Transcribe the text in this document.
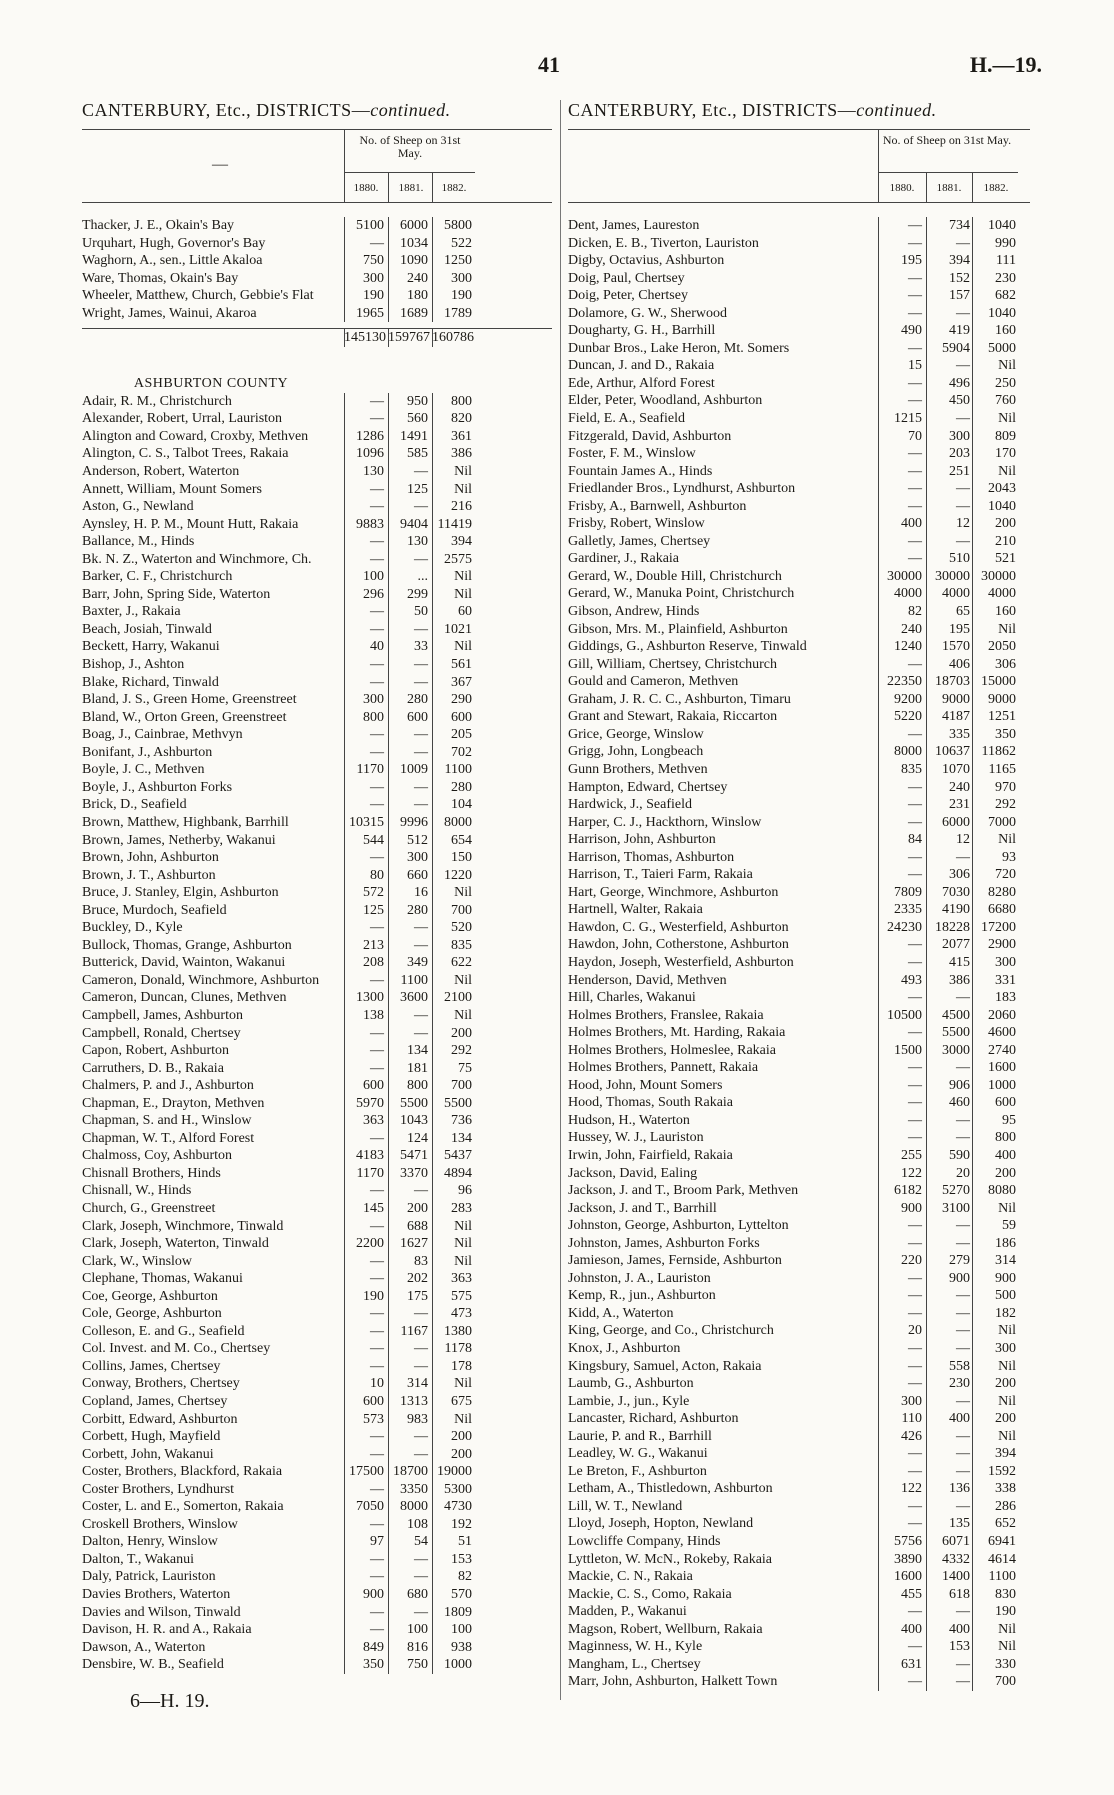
41	H.—19.
CANTERBURY, Etc., DISTRICTS—continued.
—
No. of Sheep on 31st May.
1880.	1881.	1882.
Thacker, J. E., Okain's Bay	5100	6000	5800
Urquhart, Hugh, Governor's Bay	—	1034	522
Waghorn, A., sen., Little Akaloa	750	1090	1250
Ware, Thomas, Okain's Bay	300	240	300
Wheeler, Matthew, Church, Gebbie's Flat	190	180	190
Wright, James, Wainui, Akaroa	1965	1689	1789
145130 159767 160786
ASHBURTON COUNTY
Adair, R. M., Christchurch	—	950	800
Alexander, Robert, Urral, Lauriston	—	560	820
Alington and Coward, Croxby, Methven	1286	1491	361
Alington, C. S., Talbot Trees, Rakaia	1096	585	386
Anderson, Robert, Waterton	130	—	Nil
Annett, William, Mount Somers	—	125	Nil
Aston, G., Newland	—	—	216
Aynsley, H. P. M., Mount Hutt, Rakaia	9883	9404 11419
Ballance, M., Hinds	—	130	394
Bk. N. Z., Waterton and Winchmore, Ch.	—	—	2575
Barker, C. F., Christchurch	100	...	Nil
Barr, John, Spring Side, Waterton	296	299	Nil
Baxter, J., Rakaia	—	50	60
Beach, Josiah, Tinwald	—	—	1021
Beckett, Harry, Wakanui	40	33	Nil
Bishop, J., Ashton	—	—	561
Blake, Richard, Tinwald	—	—	367
Bland, J. S., Green Home, Greenstreet	300	280	290
Bland, W., Orton Green, Greenstreet	800	600	600
Boag, J., Cainbrae, Methvyn	—	—	205
Bonifant, J., Ashburton	—	—	702
Boyle, J. C., Methven	1170	1009	1100
Boyle, J., Ashburton Forks	—	—	280
Brick, D., Seafield	—	—	104
Brown, Matthew, Highbank, Barrhill	10315	9996	8000
Brown, James, Netherby, Wakanui	544	512	654
Brown, John, Ashburton	—	300	150
Brown, J. T., Ashburton	80	660	1220
Bruce, J. Stanley, Elgin, Ashburton	572	16	Nil
Bruce, Murdoch, Seafield	125	280	700
Buckley, D., Kyle	—	—	520
Bullock, Thomas, Grange, Ashburton	213	—	835
Butterick, David, Wainton, Wakanui	208	349	622
Cameron, Donald, Winchmore, Ashburton	—	1100	Nil
Cameron, Duncan, Clunes, Methven	1300	3600	2100
Campbell, James, Ashburton	138	—	Nil
Campbell, Ronald, Chertsey	—	—	200
Capon, Robert, Ashburton	—	134	292
Carruthers, D. B., Rakaia	—	181	75
Chalmers, P. and J., Ashburton	600	800	700
Chapman, E., Drayton, Methven	5970	5500	5500
Chapman, S. and H., Winslow	363	1043	736
Chapman, W. T., Alford Forest	—	124	134
Chalmoss, Coy, Ashburton	4183	5471	5437
Chisnall Brothers, Hinds	1170	3370	4894
Chisnall, W., Hinds	—	—	96
Church, G., Greenstreet	145	200	283
Clark, Joseph, Winchmore, Tinwald	—	688	Nil
Clark, Joseph, Waterton, Tinwald	2200	1627	Nil
Clark, W., Winslow	—	83	Nil
Clephane, Thomas, Wakanui	—	202	363
Coe, George, Ashburton	190	175	575
Cole, George, Ashburton	—	—	473
Colleson, E. and G., Seafield	—	1167	1380
Col. Invest. and M. Co., Chertsey	—	—	1178
Collins, James, Chertsey	—	—	178
Conway, Brothers, Chertsey	10	314	Nil
Copland, James, Chertsey	600	1313	675
Corbitt, Edward, Ashburton	573	983	Nil
Corbett, Hugh, Mayfield	—	—	200
Corbett, John, Wakanui	—	—	200
Coster, Brothers, Blackford, Rakaia	17500 18700 19000
Coster Brothers, Lyndhurst	—	3350	5300
Coster, L. and E., Somerton, Rakaia	7050	8000	4730
Croskell Brothers, Winslow	—	108	192
Dalton, Henry, Winslow	97	54	51
Dalton, T., Wakanui	—	—	153
Daly, Patrick, Lauriston	—	—	82
Davies Brothers, Waterton	900	680	570
Davies and Wilson, Tinwald	—	—	1809
Davison, H. R. and A., Rakaia	—	100	100
Dawson, A., Waterton	849	816	938
Densbire, W. B., Seafield	350	750	1000
CANTERBURY, Etc., DISTRICTS—continued.
No. of Sheep on 31st May.
1880.	1881.	1882.
Dent, James, Laureston	—	734	1040
Dicken, E. B., Tiverton, Lauriston	—	—	990
Digby, Octavius, Ashburton	195	394	111
Doig, Paul, Chertsey	—	152	230
Doig, Peter, Chertsey	—	157	682
Dolamore, G. W., Sherwood	—	—	1040
Dougharty, G. H., Barrhill	490	419	160
Dunbar Bros., Lake Heron, Mt. Somers	—	5904	5000
Duncan, J. and D., Rakaia	15	—	Nil
Ede, Arthur, Alford Forest	—	496	250
Elder, Peter, Woodland, Ashburton	—	450	760
Field, E. A., Seafield	1215	—	Nil
Fitzgerald, David, Ashburton	70	300	809
Foster, F. M., Winslow	—	203	170
Fountain James A., Hinds	—	251	Nil
Friedlander Bros., Lyndhurst, Ashburton	—	—	2043
Frisby, A., Barnwell, Ashburton	—	—	1040
Frisby, Robert, Winslow	400	12	200
Galletly, James, Chertsey	—	—	210
Gardiner, J., Rakaia	—	510	521
Gerard, W., Double Hill, Christchurch	30000 30000 30000
Gerard, W., Manuka Point, Christchurch	4000	4000	4000
Gibson, Andrew, Hinds	82	65	160
Gibson, Mrs. M., Plainfield, Ashburton	240	195	Nil
Giddings, G., Ashburton Reserve, Tinwald	1240	1570	2050
Gill, William, Chertsey, Christchurch	—	406	306
Gould and Cameron, Methven	22350 18703 15000
Graham, J. R. C. C., Ashburton, Timaru	9200	9000	9000
Grant and Stewart, Rakaia, Riccarton	5220	4187	1251
Grice, George, Winslow	—	335	350
Grigg, John, Longbeach	8000 10637 11862
Gunn Brothers, Methven	835	1070	1165
Hampton, Edward, Chertsey	—	240	970
Hardwick, J., Seafield	—	231	292
Harper, C. J., Hackthorn, Winslow	—	6000	7000
Harrison, John, Ashburton	84	12	Nil
Harrison, Thomas, Ashburton	—	—	93
Harrison, T., Taieri Farm, Rakaia	—	306	720
Hart, George, Winchmore, Ashburton	7809	7030	8280
Hartnell, Walter, Rakaia	2335	4190	6680
Hawdon, C. G., Westerfield, Ashburton	24230 18228 17200
Hawdon, John, Cotherstone, Ashburton	—	2077	2900
Haydon, Joseph, Westerfield, Ashburton	—	415	300
Henderson, David, Methven	493	386	331
Hill, Charles, Wakanui	—	—	183
Holmes Brothers, Franslee, Rakaia	10500	4500	2060
Holmes Brothers, Mt. Harding, Rakaia	—	5500	4600
Holmes Brothers, Holmeslee, Rakaia	1500	3000	2740
Holmes Brothers, Pannett, Rakaia	—	—	1600
Hood, John, Mount Somers	—	906	1000
Hood, Thomas, South Rakaia	—	460	600
Hudson, H., Waterton	—	—	95
Hussey, W. J., Lauriston	—	—	800
Irwin, John, Fairfield, Rakaia	255	590	400
Jackson, David, Ealing	122	20	200
Jackson, J. and T., Broom Park, Methven	6182	5270	8080
Jackson, J. and T., Barrhill	900	3100	Nil
Johnston, George, Ashburton, Lyttelton	—	—	59
Johnston, James, Ashburton Forks	—	—	186
Jamieson, James, Fernside, Ashburton	220	279	314
Johnston, J. A., Lauriston	—	900	900
Kemp, R., jun., Ashburton	—	—	500
Kidd, A., Waterton	—	—	182
King, George, and Co., Christchurch	20	—	Nil
Knox, J., Ashburton	—	—	300
Kingsbury, Samuel, Acton, Rakaia	—	558	Nil
Laumb, G., Ashburton	—	230	200
Lambie, J., jun., Kyle	300	—	Nil
Lancaster, Richard, Ashburton	110	400	200
Laurie, P. and R., Barrhill	426	—	Nil
Leadley, W. G., Wakanui	—	—	394
Le Breton, F., Ashburton	—	—	1592
Letham, A., Thistledown, Ashburton	122	136	338
Lill, W. T., Newland	—	—	286
Lloyd, Joseph, Hopton, Newland	—	135	652
Lowcliffe Company, Hinds	5756	6071	6941
Lyttleton, W. McN., Rokeby, Rakaia	3890	4332	4614
Mackie, C. N., Rakaia	1600	1400	1100
Mackie, C. S., Como, Rakaia	455	618	830
Madden, P., Wakanui	—	—	190
Magson, Robert, Wellburn, Rakaia	400	400	Nil
Maginness, W. H., Kyle	—	153	Nil
Mangham, L., Chertsey	631	—	330
Marr, John, Ashburton, Halkett Town	—	—	700
6—H. 19.
